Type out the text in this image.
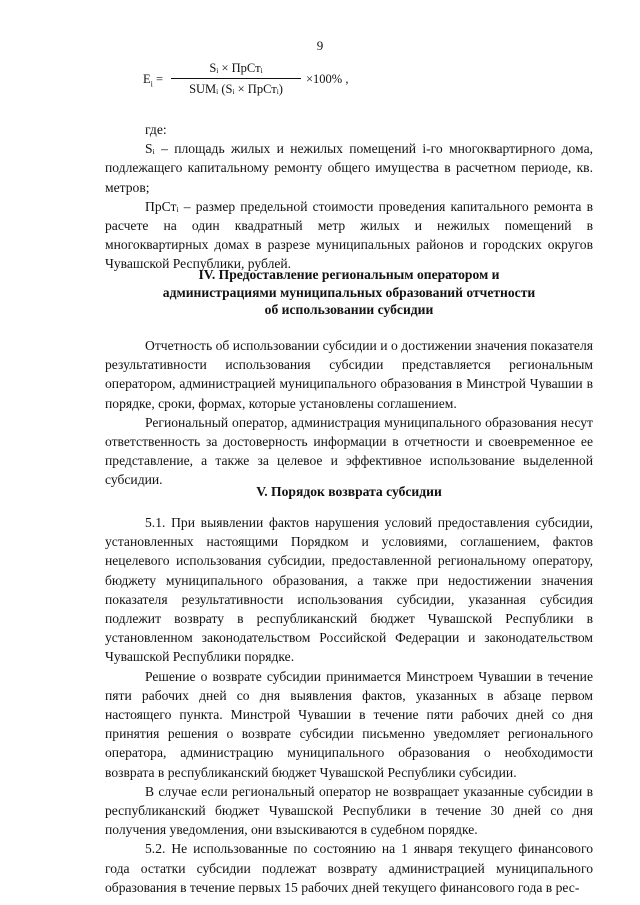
9
$E_i$ =
Sᵢ × ПрСтᵢ
SUMᵢ (Sᵢ × ПрСтᵢ)
×100% ,

где:

Sᵢ – площадь жилых и нежилых помещений i-го многоквартирного дома, подлежащего капитальному ремонту общего имущества в расчетном периоде, кв. метров;

ПрСтᵢ – размер предельной стоимости проведения капитального ремонта в расчете на один квадратный метр жилых и нежилых помещений в многоквартирных домах в разрезе муниципальных районов и городских округов Чувашской Республики, рублей.

IV. Предоставление региональным оператором и
администрациями муниципальных образований отчетности
об использовании субсидии

Отчетность об использовании субсидии и о достижении значения показателя результативности использования субсидии представляется региональным оператором, администрацией муниципального образования в Минстрой Чувашии в порядке, сроки, формах, которые установлены соглашением.

Региональный оператор, администрация муниципального образования несут ответственность за достоверность информации в отчетности и своевременное ее представление, а также за целевое и эффективное использование выделенной субсидии.

V. Порядок возврата субсидии

5.1. При выявлении фактов нарушения условий предоставления субсидии, установленных настоящими Порядком и условиями, соглашением, фактов нецелевого использования субсидии, предоставленной региональному оператору, бюджету муниципального образования, а также при недостижении значения показателя результативности использования субсидии, указанная субсидия подлежит возврату в республиканский бюджет Чувашской Республики в установленном законодательством Российской Федерации и законодательством Чувашской Республики порядке.

Решение о возврате субсидии принимается Минстроем Чувашии в течение пяти рабочих дней со дня выявления фактов, указанных в абзаце первом настоящего пункта. Минстрой Чувашии в течение пяти рабочих дней со дня принятия решения о возврате субсидии письменно уведомляет регионального оператора, администрацию муниципального образования о необходимости возврата в республиканский бюджет Чувашской Республики субсидии.

В случае если региональный оператор не возвращает указанные субсидии в республиканский бюджет Чувашской Республики в течение 30 дней со дня получения уведомления, они взыскиваются в судебном порядке.

5.2. Не использованные по состоянию на 1 января текущего финансового года остатки субсидии подлежат возврату администрацией муниципального образования в течение первых 15 рабочих дней текущего финансового года в рес-
